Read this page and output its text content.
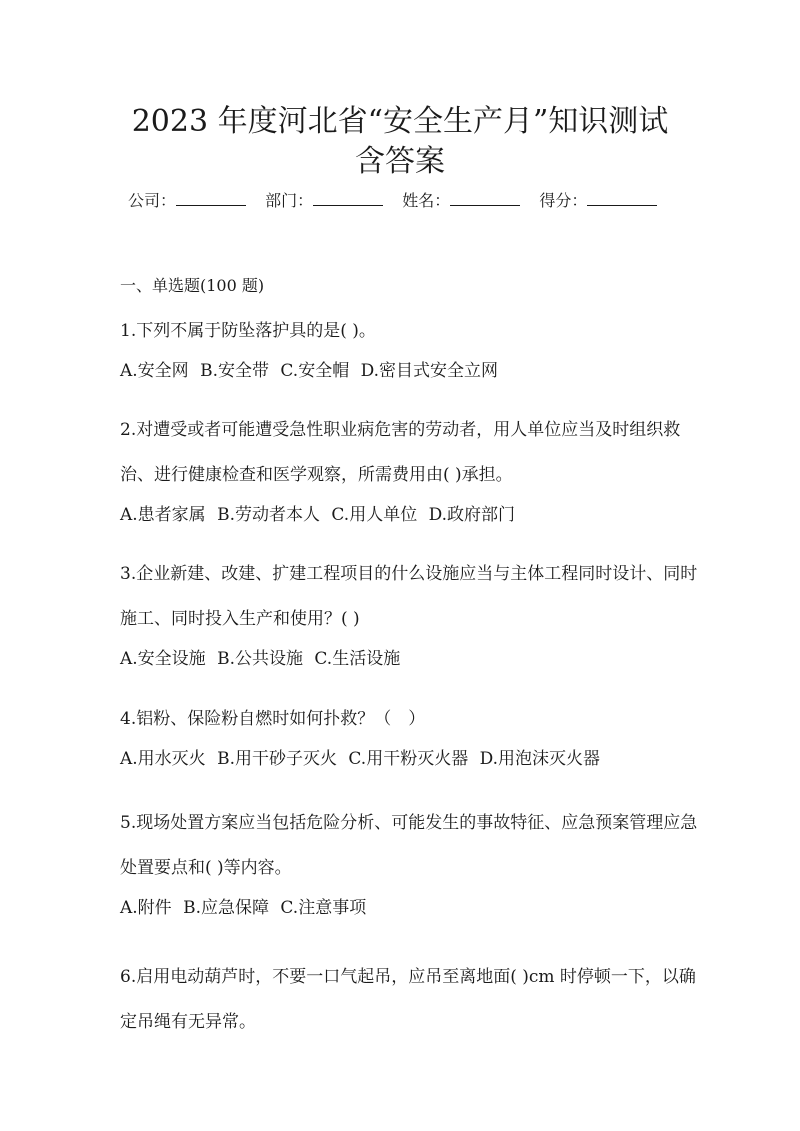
2023 年度河北省“安全生产月”知识测试
含答案
公司：	部门：	姓名：	得分：
一、单选题(100 题)
1.下列不属于防坠落护具的是( )。
A.安全网 B.安全带 C.安全帽 D.密目式安全立网
2.对遭受或者可能遭受急性职业病危害的劳动者，用人单位应当及时组织救治、进行健康检查和医学观察，所需费用由( )承担。
A.患者家属 B.劳动者本人 C.用人单位 D.政府部门
3.企业新建、改建、扩建工程项目的什么设施应当与主体工程同时设计、同时施工、同时投入生产和使用？( )
A.安全设施 B.公共设施 C.生活设施
4.铝粉、保险粉自燃时如何扑救？（　）
A.用水灭火 B.用干砂子灭火 C.用干粉灭火器 D.用泡沫灭火器
5.现场处置方案应当包括危险分析、可能发生的事故特征、应急预案管理应急处置要点和( )等内容。
A.附件 B.应急保障 C.注意事项
6.启用电动葫芦时，不要一口气起吊，应吊至离地面( )cm 时停顿一下，以确定吊绳有无异常。
